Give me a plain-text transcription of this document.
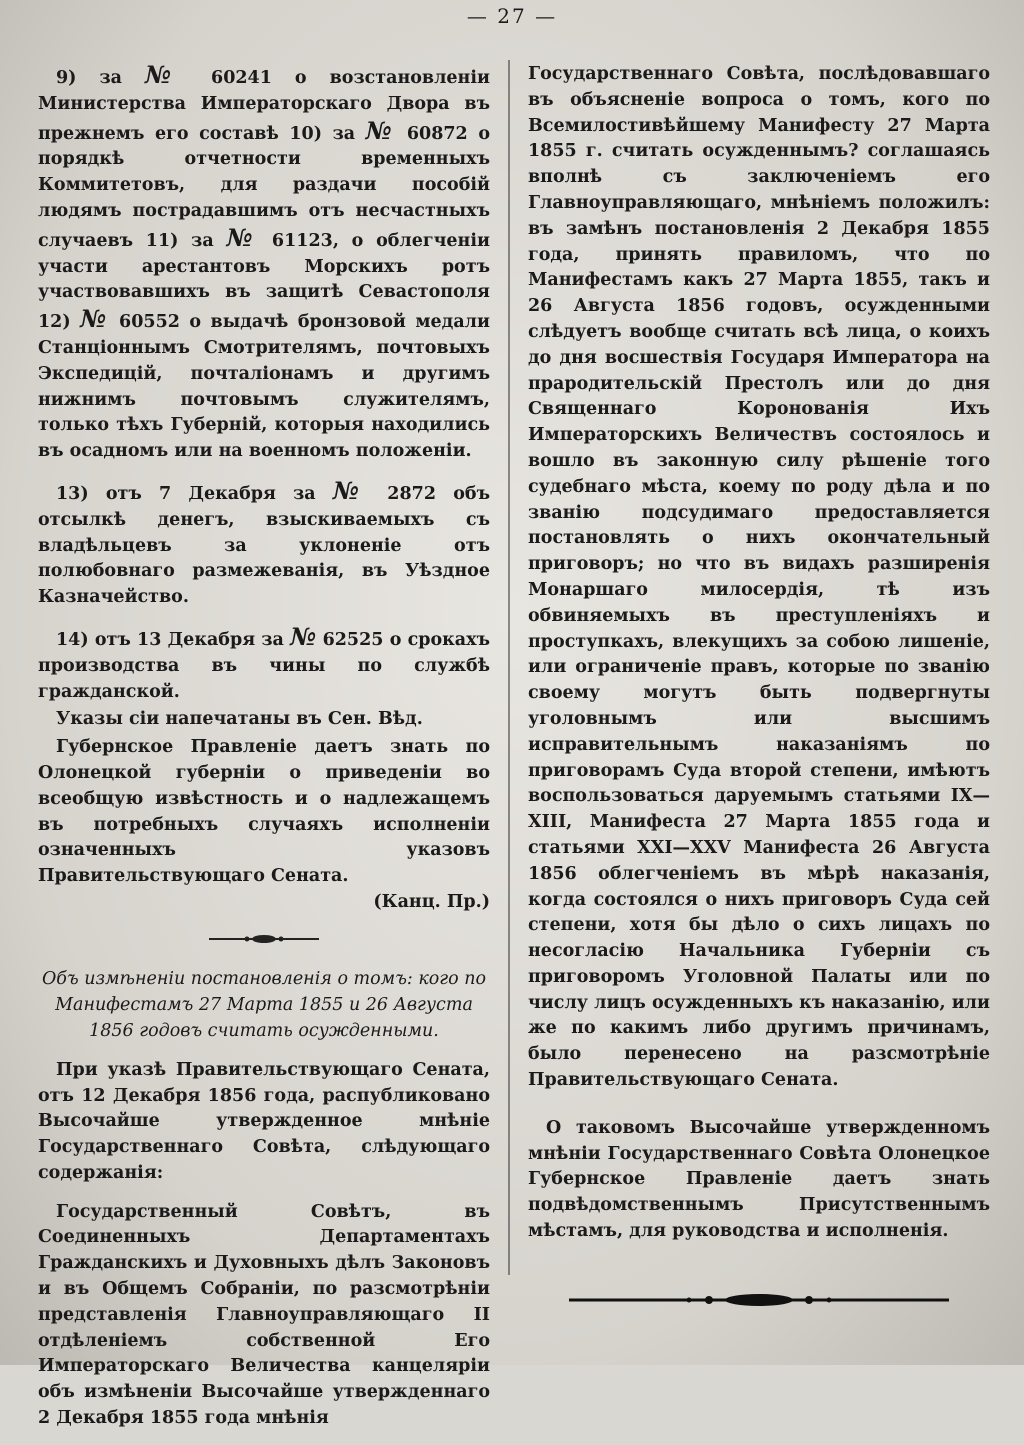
— 27 —

9) за № 60241 о возстановленіи Министерства Императорскаго Двора въ прежнемъ его составѣ 10) за № 60872 о порядкѣ отчетности временныхъ Коммитетовъ, для раздачи пособій людямъ пострадавшимъ отъ несчастныхъ случаевъ 11) за № 61123, о облегченіи участи арестантовъ Морскихъ ротъ участвовавшихъ въ защитѣ Севастополя 12) № 60552 о выдачѣ бронзовой медали Станціоннымъ Смотрителямъ, почтовыхъ Экспедицій, почталіонамъ и другимъ нижнимъ почтовымъ служителямъ, только тѣхъ Губерній, которыя находились въ осадномъ или на военномъ положеніи.

13) отъ 7 Декабря за № 2872 объ отсылкѣ денегъ, взыскиваемыхъ съ владѣльцевъ за уклоненіе отъ полюбовнаго размежеванія, въ Уѣздное Казначейство.

14) отъ 13 Декабря за № 62525 о срокахъ производства въ чины по службѣ гражданской.

Указы сіи напечатаны въ Сен. Вѣд.

Губернское Правленіе даетъ знать по Олонецкой губерніи о приведеніи во всеобщую извѣстность и о надлежащемъ въ потребныхъ случаяхъ исполненіи означенныхъ указовъ Правительствующаго Сената.

(Канц. Пр.)

Объ измѣненіи постановленія о томъ: кого по Манифестамъ 27 Марта 1855 и 26 Августа 1856 годовъ считать осужденными.

При указѣ Правительствующаго Сената, отъ 12 Декабря 1856 года, распубликовано Высочайше утвержденное мнѣніе Государственнаго Совѣта, слѣдующаго содержанія:

Государственный Совѣтъ, въ Соединенныхъ Департаментахъ Гражданскихъ и Духовныхъ дѣлъ Законовъ и въ Общемъ Собраніи, по разсмотрѣніи представленія Главноуправляющаго II отдѣленіемъ собственной Его Императорскаго Величества канцеляріи объ измѣненіи Высочайше утвержденнаго 2 Декабря 1855 года мнѣнія

Государственнаго Совѣта, послѣдовавшаго въ объясненіе вопроса о томъ, кого по Всемилостивѣйшему Манифесту 27 Марта 1855 г. считать осужденнымъ? соглашаясь вполнѣ съ заключеніемъ его Главноуправляющаго, мнѣніемъ положилъ: въ замѣнъ постановленія 2 Декабря 1855 года, принять правиломъ, что по Манифестамъ какъ 27 Марта 1855, такъ и 26 Августа 1856 годовъ, осужденными слѣдуетъ вообще считать всѣ лица, о коихъ до дня восшествія Государя Императора на прародительскій Престолъ или до дня Священнаго Коронованія Ихъ Императорскихъ Величествъ состоялось и вошло въ законную силу рѣшеніе того судебнаго мѣста, коему по роду дѣла и по званію подсудимаго предоставляется постановлять о нихъ окончательный приговоръ; но что въ видахъ разширенія Монаршаго милосердія, тѣ изъ обвиняемыхъ въ преступленіяхъ и проступкахъ, влекущихъ за собою лишеніе, или ограниченіе правъ, которые по званію своему могутъ быть подвергнуты уголовнымъ или высшимъ исправительнымъ наказаніямъ по приговорамъ Суда второй степени, имѣютъ воспользоваться даруемымъ статьями IX—XIII, Манифеста 27 Марта 1855 года и статьями XXI—XXV Манифеста 26 Августа 1856 облегченіемъ въ мѣрѣ наказанія, когда состоялся о нихъ приговоръ Суда сей степени, хотя бы дѣло о сихъ лицахъ по несогласію Начальника Губерніи съ приговоромъ Уголовной Палаты или по числу лицъ осужденныхъ къ наказанію, или же по какимъ либо другимъ причинамъ, было перенесено на разсмотрѣніе Правительствующаго Сената.

О таковомъ Высочайше утвержденномъ мнѣніи Государственнаго Совѣта Олонецкое Губернское Правленіе даетъ знать подвѣдомственнымъ Присутственнымъ мѣстамъ, для руководства и исполненія.
